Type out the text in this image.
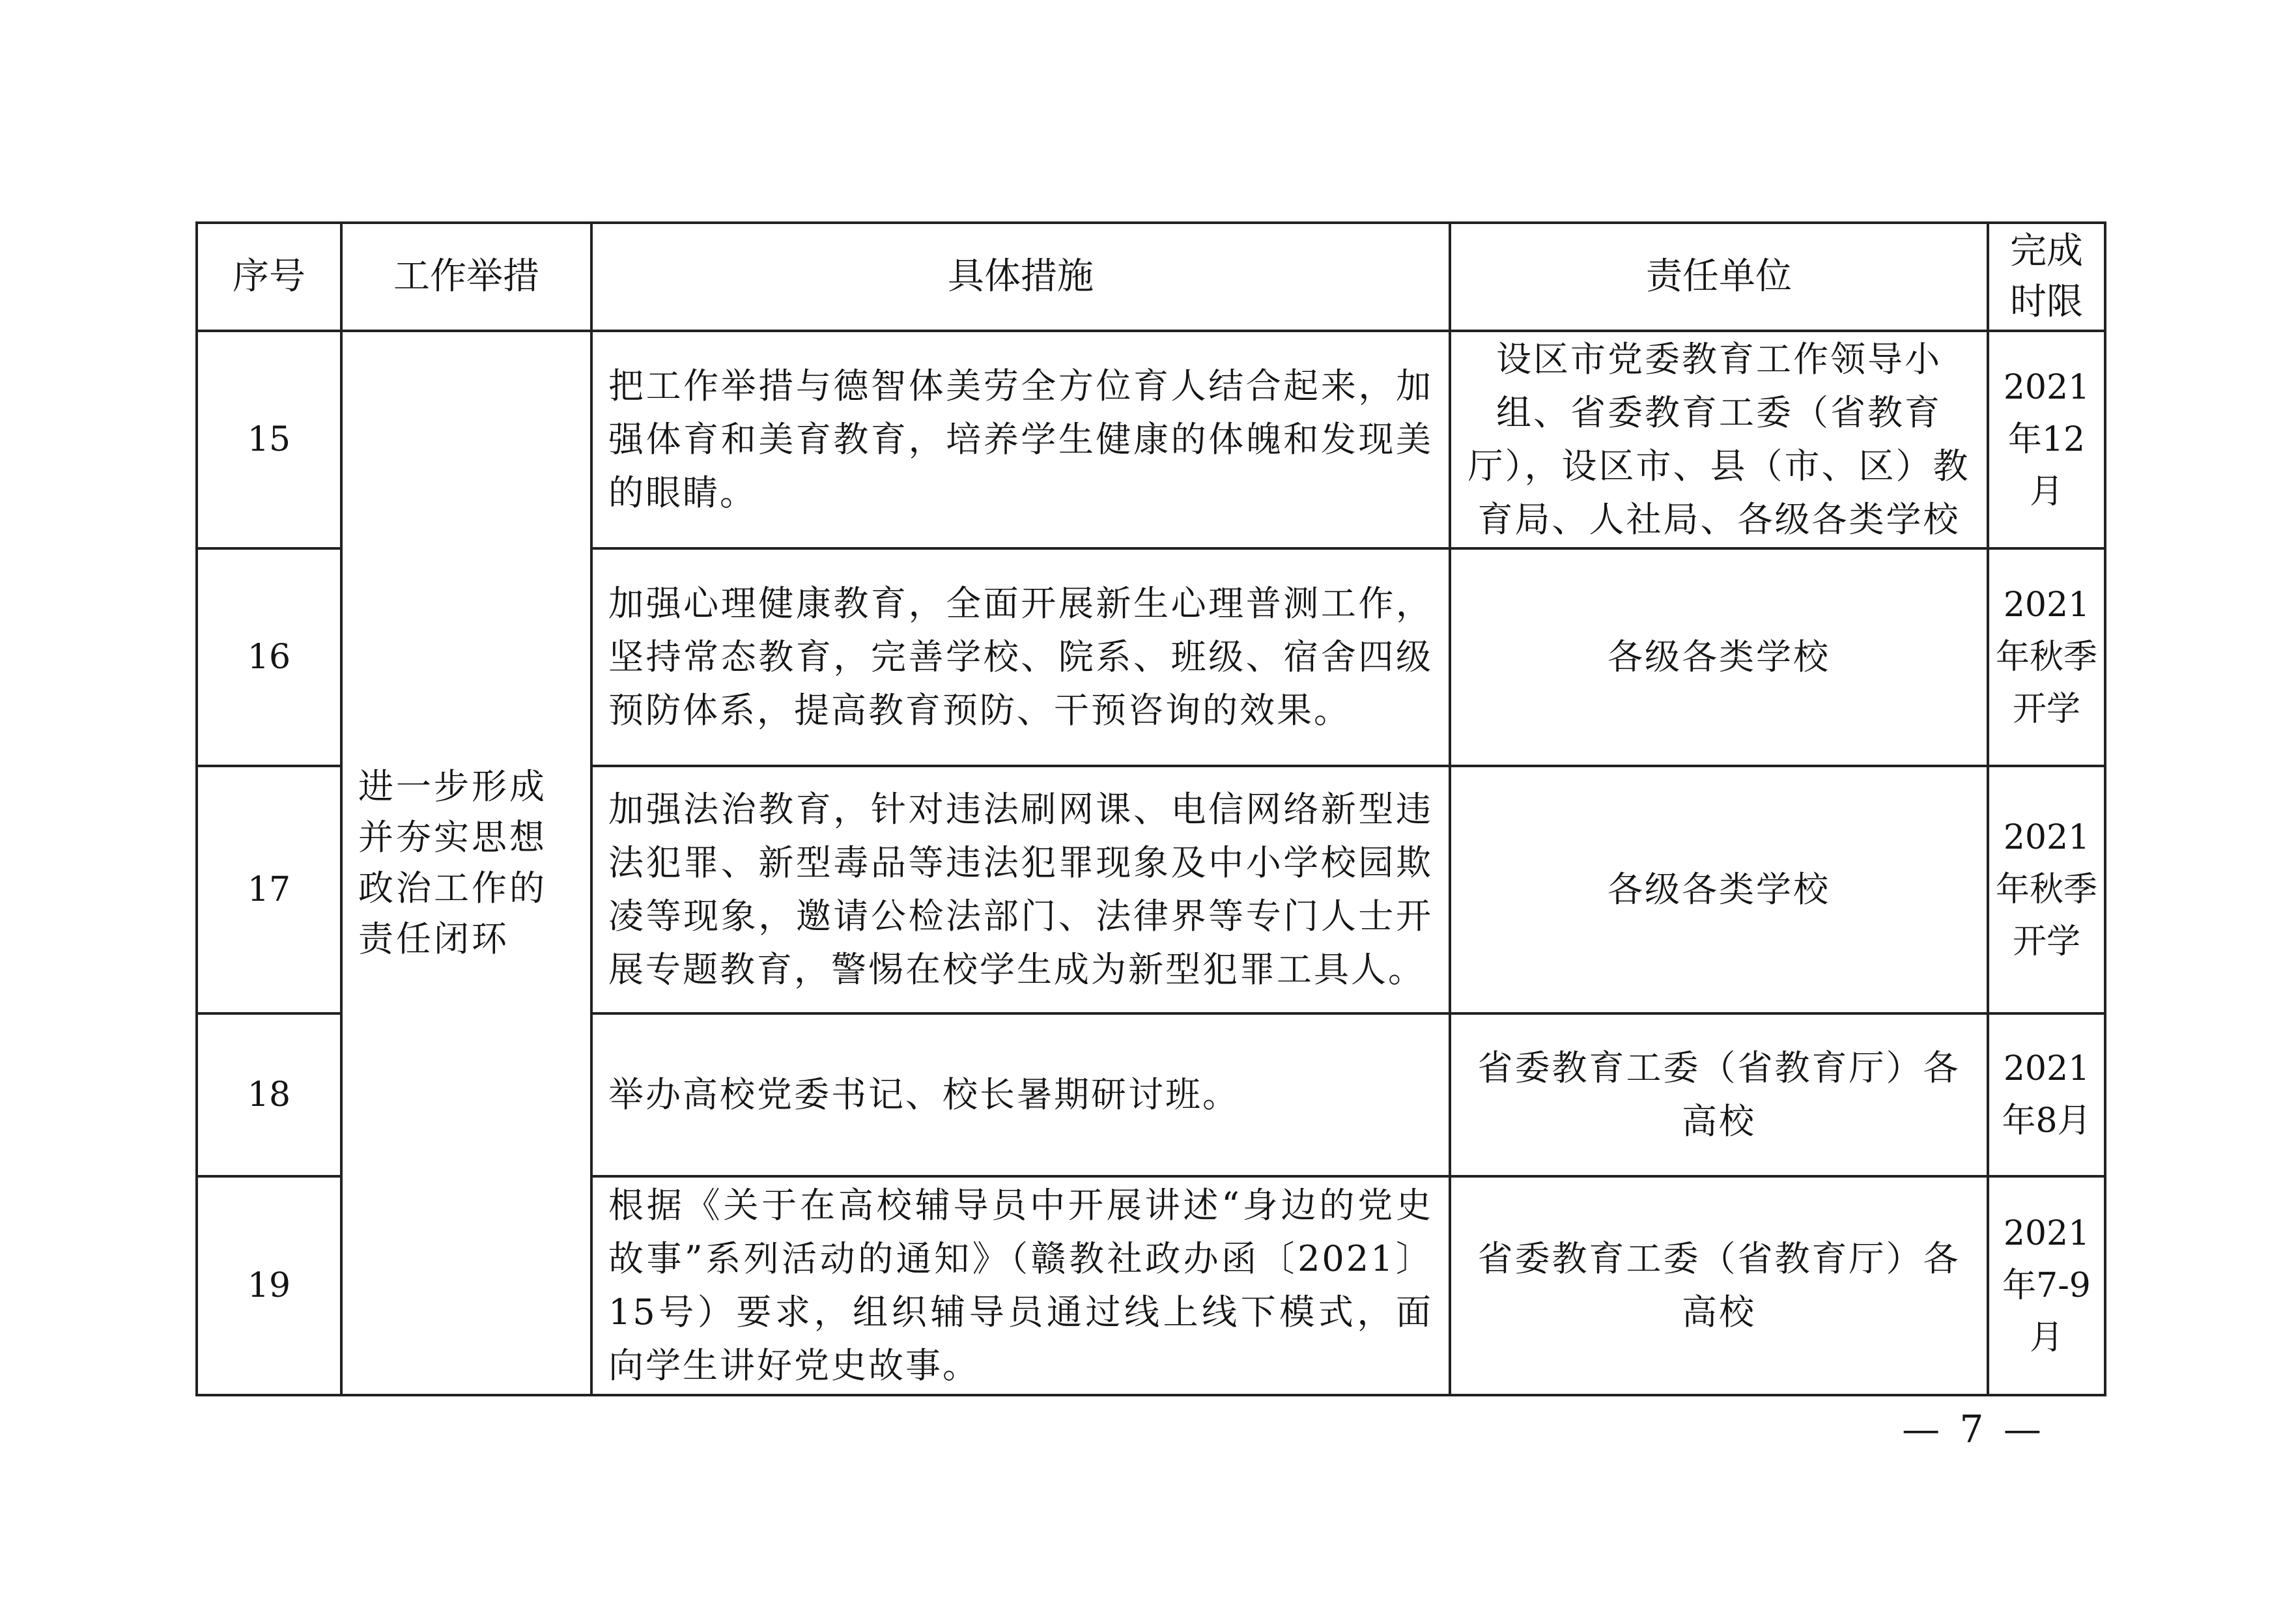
序号	工作举措	具体措施	责任单位	完成时限
15	进一步形成并夯实思想政治工作的责任闭环	把工作举措与德智体美劳全方位育人结合起来，加强体育和美育教育，培养学生健康的体魄和发现美的眼睛。	设区市党委教育工作领导小组、省委教育工委（省教育厅），设区市、县（市、区）教育局、人社局、各级各类学校	2021年12月
16		加强心理健康教育，全面开展新生心理普测工作，坚持常态教育，完善学校、院系、班级、宿舍四级预防体系，提高教育预防、干预咨询的效果。	各级各类学校	2021年秋季开学
17		加强法治教育，针对违法刷网课、电信网络新型违法犯罪、新型毒品等违法犯罪现象及中小学校园欺凌等现象，邀请公检法部门、法律界等专门人士开展专题教育，警惕在校学生成为新型犯罪工具人。	各级各类学校	2021年秋季开学
18		举办高校党委书记、校长暑期研讨班。	省委教育工委（省教育厅）各高校	2021年8月
19		根据《关于在高校辅导员中开展讲述“身边的党史故事”系列活动的通知》（赣教社政办函〔2021〕15号）要求，组织辅导员通过线上线下模式，面向学生讲好党史故事。	省委教育工委（省教育厅）各高校	2021年7-9月
— 7 —
